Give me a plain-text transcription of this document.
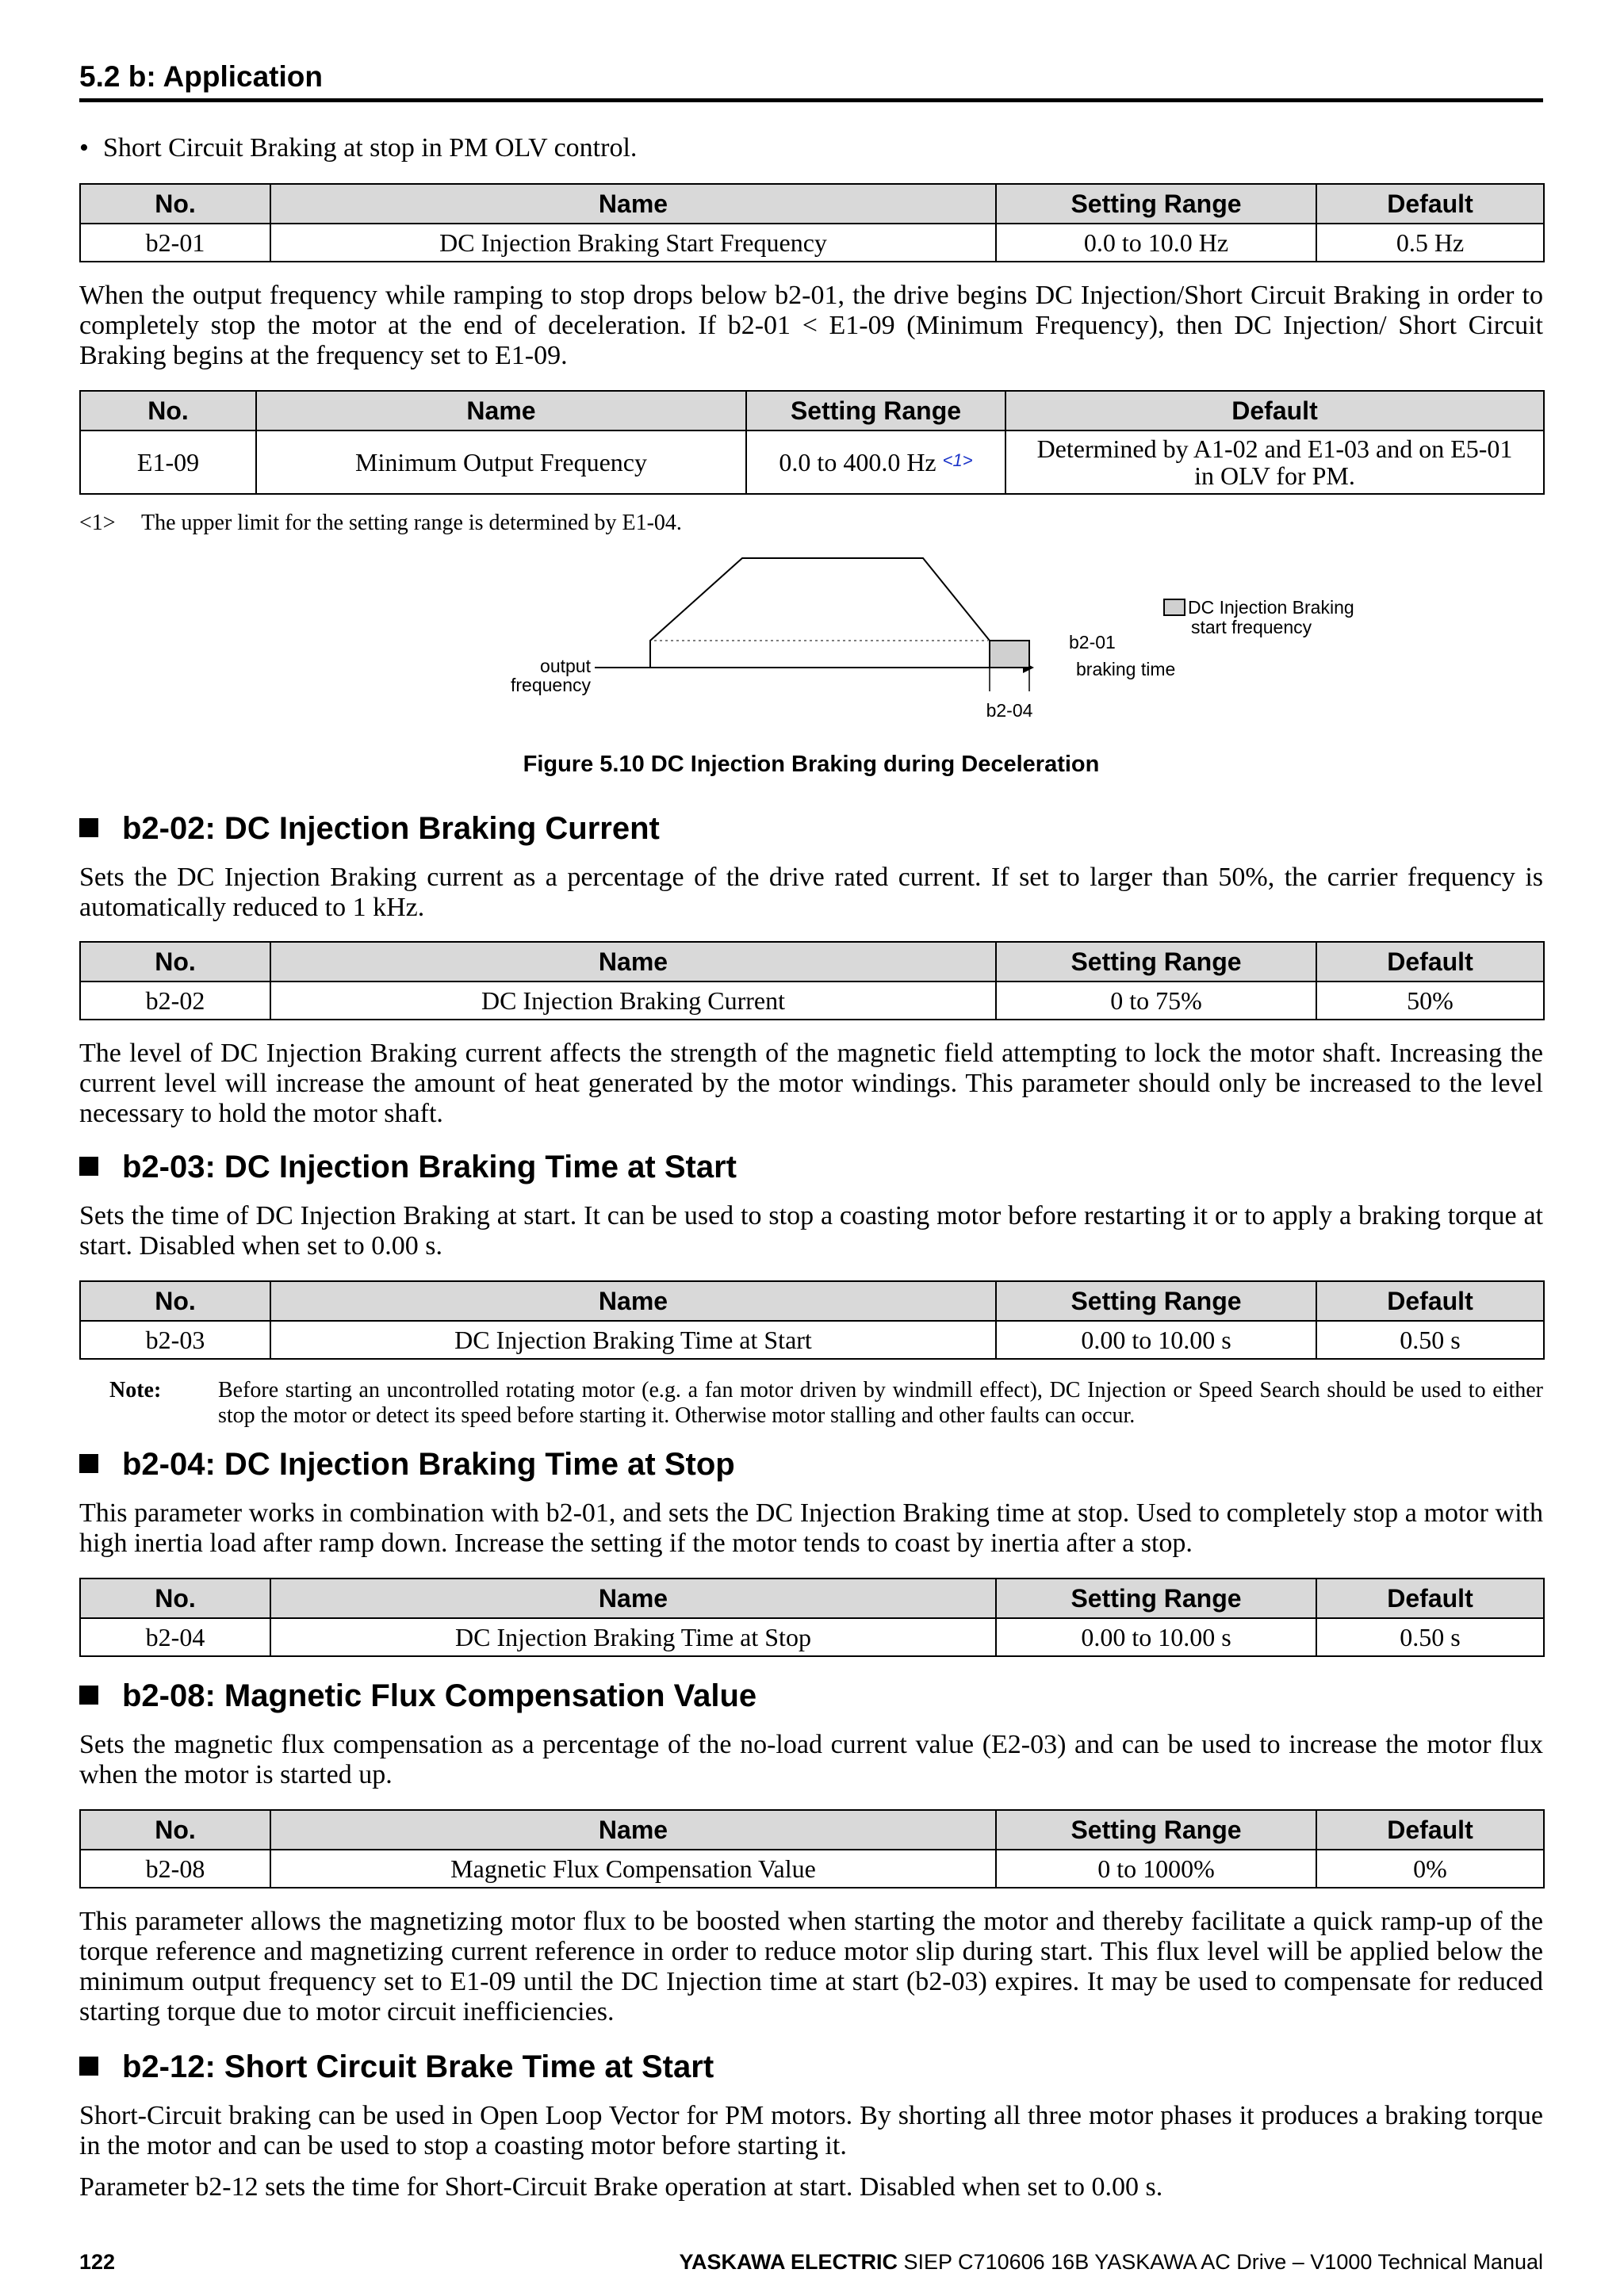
5.2 b: Application
• Short Circuit Braking at stop in PM OLV control.
No.	Name	Setting Range	Default
b2-01	DC Injection Braking Start Frequency	0.0 to 10.0 Hz	0.5 Hz
When the output frequency while ramping to stop drops below b2-01, the drive begins DC Injection/Short Circuit Braking in order to completely stop the motor at the end of deceleration. If b2-01 < E1-09 (Minimum Frequency), then DC Injection/ Short Circuit Braking begins at the frequency set to E1-09.
No.	Name	Setting Range	Default
E1-09	Minimum Output Frequency	0.0 to 400.0 Hz <1>	Determined by A1-02 and E1-03 and on E5-01
in OLV for PM.
<1> The upper limit for the setting range is determined by E1-04.
DC Injection Braking
start frequency
b2-01
output
frequency
braking time
b2-04
Figure 5.10 DC Injection Braking during Deceleration
b2-02: DC Injection Braking Current
Sets the DC Injection Braking current as a percentage of the drive rated current. If set to larger than 50%, the carrier frequency is automatically reduced to 1 kHz.
No.	Name	Setting Range	Default
b2-02	DC Injection Braking Current	0 to 75%	50%
The level of DC Injection Braking current affects the strength of the magnetic field attempting to lock the motor shaft. Increasing the current level will increase the amount of heat generated by the motor windings. This parameter should only be increased to the level necessary to hold the motor shaft.
b2-03: DC Injection Braking Time at Start
Sets the time of DC Injection Braking at start. It can be used to stop a coasting motor before restarting it or to apply a braking torque at start. Disabled when set to 0.00 s.
No.	Name	Setting Range	Default
b2-03	DC Injection Braking Time at Start	0.00 to 10.00 s	0.50 s
Note:	Before starting an uncontrolled rotating motor (e.g. a fan motor driven by windmill effect), DC Injection or Speed Search should be used to either stop the motor or detect its speed before starting it. Otherwise motor stalling and other faults can occur.
b2-04: DC Injection Braking Time at Stop
This parameter works in combination with b2-01, and sets the DC Injection Braking time at stop. Used to completely stop a motor with high inertia load after ramp down. Increase the setting if the motor tends to coast by inertia after a stop.
No.	Name	Setting Range	Default
b2-04	DC Injection Braking Time at Stop	0.00 to 10.00 s	0.50 s
b2-08: Magnetic Flux Compensation Value
Sets the magnetic flux compensation as a percentage of the no-load current value (E2-03) and can be used to increase the motor flux when the motor is started up.
No.	Name	Setting Range	Default
b2-08	Magnetic Flux Compensation Value	0 to 1000%	0%
This parameter allows the magnetizing motor flux to be boosted when starting the motor and thereby facilitate a quick ramp-up of the torque reference and magnetizing current reference in order to reduce motor slip during start. This flux level will be applied below the minimum output frequency set to E1-09 until the DC Injection time at start (b2-03) expires. It may be used to compensate for reduced starting torque due to motor circuit inefficiencies.
b2-12: Short Circuit Brake Time at Start
Short-Circuit braking can be used in Open Loop Vector for PM motors. By shorting all three motor phases it produces a braking torque in the motor and can be used to stop a coasting motor before starting it.
Parameter b2-12 sets the time for Short-Circuit Brake operation at start. Disabled when set to 0.00 s.
122	YASKAWA ELECTRIC SIEP C710606 16B YASKAWA AC Drive – V1000 Technical Manual
